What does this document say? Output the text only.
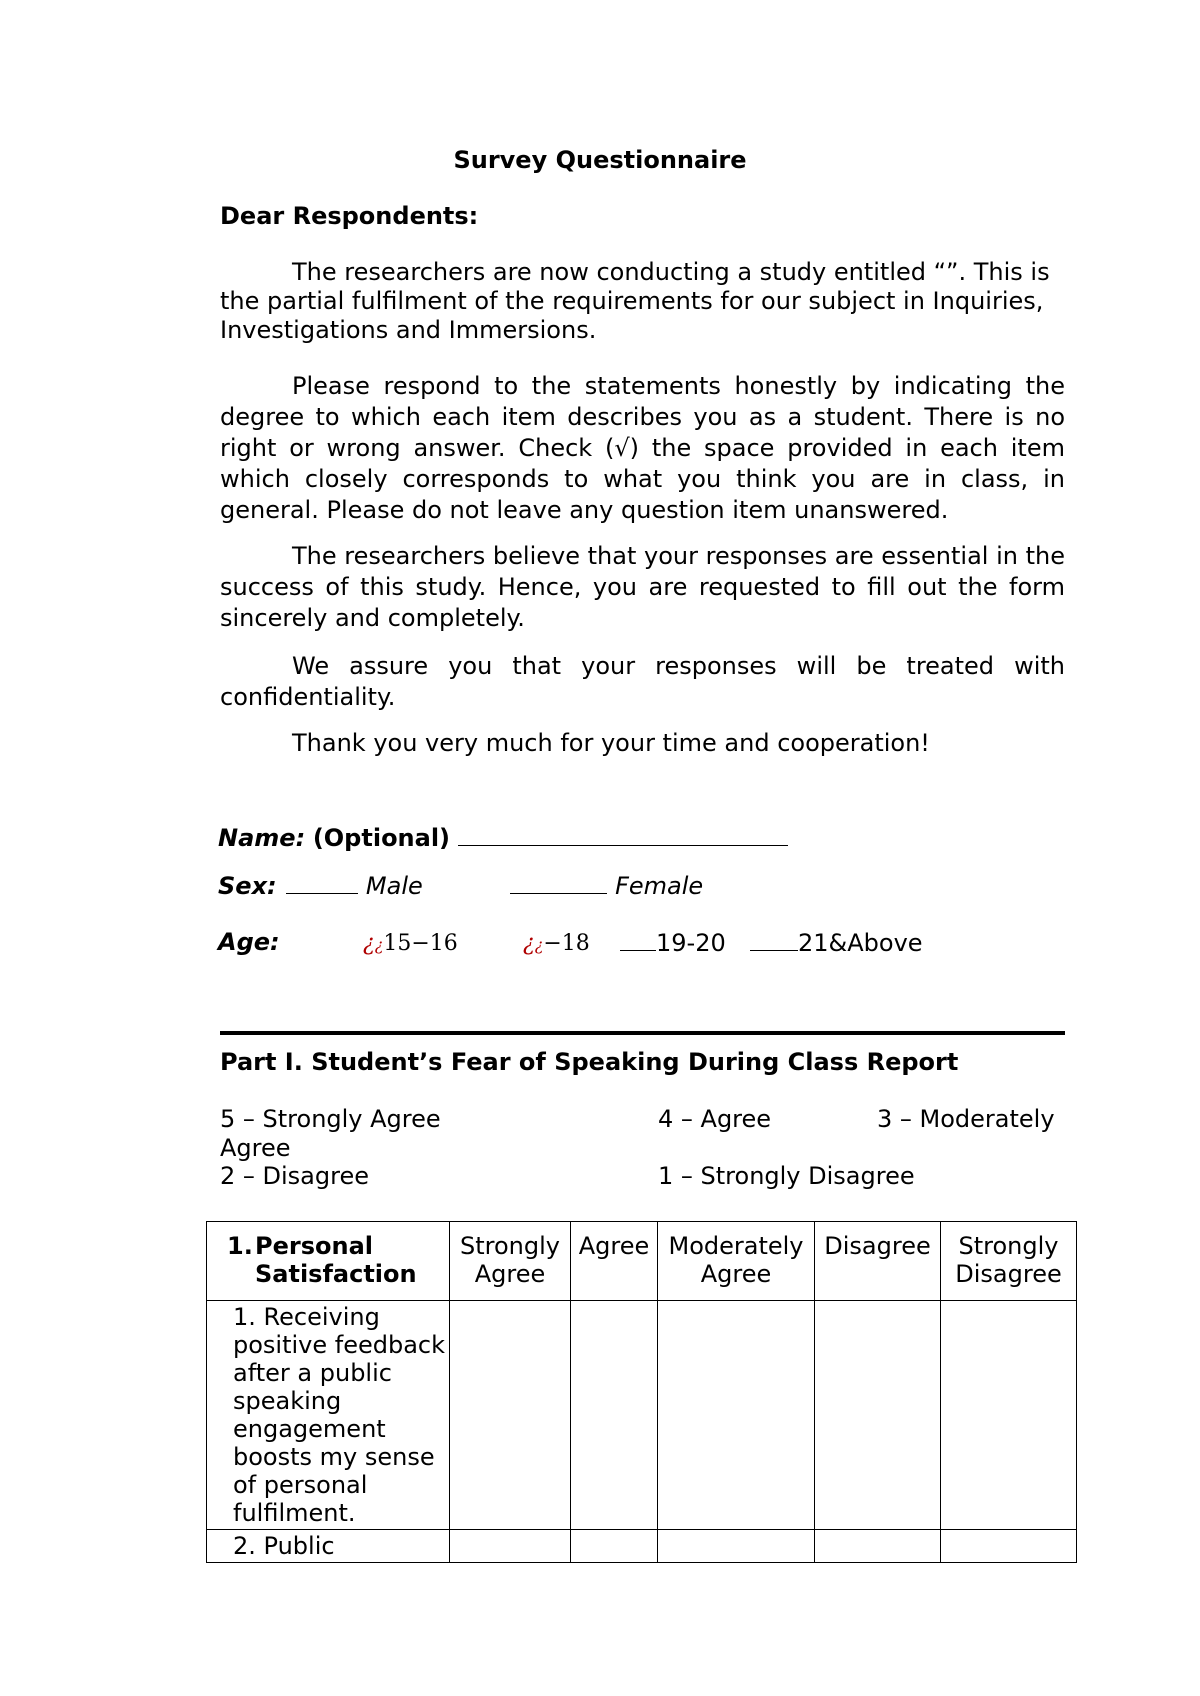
Survey Questionnaire
Dear Respondents:
The researchers are now conducting a study entitled “”. This is the partial fulfilment of the requirements for our subject in Inquiries, Investigations and Immersions.
Please respond to the statements honestly by indicating the degree to which each item describes you as a student. There is no right or wrong answer. Check (√) the space provided in each item which closely corresponds to what you think you are in class, in general. Please do not leave any question item unanswered.
The researchers believe that your responses are essential in the success of this study. Hence, you are requested to fill out the form sincerely and completely.
We assure you that your responses will be treated with confidentiality.
Thank you very much for your time and cooperation!
Name: (Optional)
Sex:	Male	Female
Age:	¿¿15−16	¿¿−18	19-20	21&Above
Part I. Student’s Fear of Speaking During Class Report
5 – Strongly Agree	4 – Agree	3 – Moderately
Agree
2 – Disagree	1 – Strongly Disagree
1. Personal Satisfaction	Strongly Agree	Agree	Moderately Agree	Disagree	Strongly Disagree
1. Receiving positive feedback after a public speaking engagement boosts my sense of personal fulfilment.					
2. Public					
